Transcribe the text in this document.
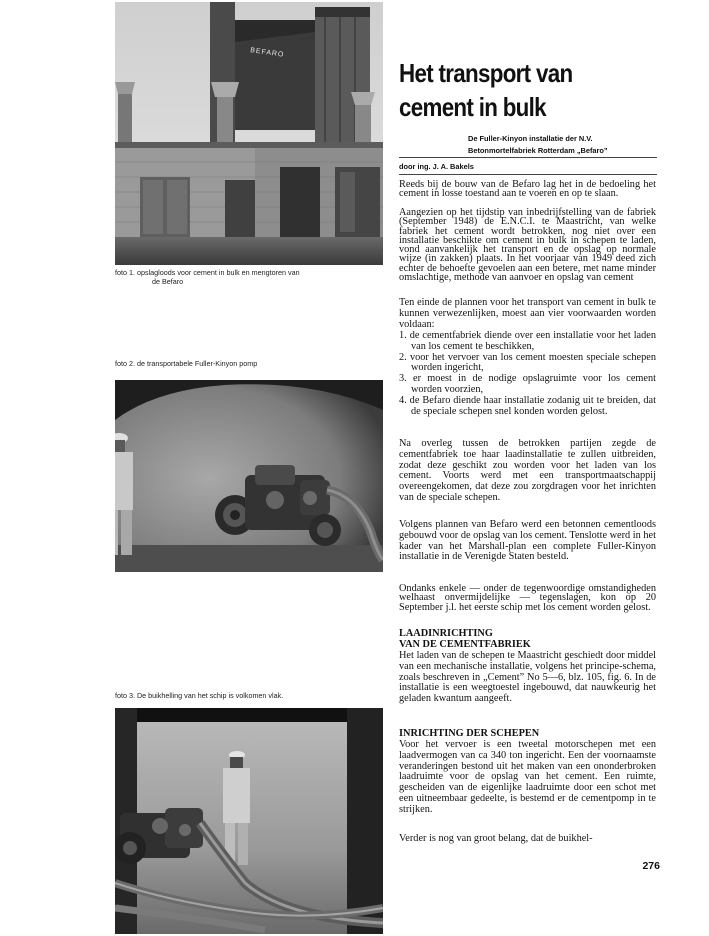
BEFARO
foto 1. opslagloods voor cement in bulk en mengtoren van
de Befaro
foto 2. de transportabele Fuller-Kinyon pomp
foto 3. De buikhelling van het schip is volkomen vlak.
Het transport van
cement in bulk
De Fuller-Kinyon installatie der N.V.
Betonmortelfabriek Rotterdam „Befaro”
door ing. J. A. Bakels

Reeds bij de bouw van de Befaro lag het in de bedoeling het cement in losse toestand aan te voeren en op te slaan.

Aangezien op het tijdstip van inbedrijfstelling van de fabriek (September 1948) de E.N.C.I. te Maastricht, van welke fabriek het cement wordt betrokken, nog niet over een installatie beschikte om cement in bulk in schepen te laden, vond aanvankelijk het transport en de opslag op normale wijze (in zakken) plaats. In het voorjaar van 1949 deed zich echter de behoefte gevoelen aan een betere, met name minder omslachtige, methode van aanvoer en opslag van cement

Ten einde de plannen voor het transport van cement in bulk te kunnen verwezenlijken, moest aan vier voorwaarden worden voldaan:

1. de cementfabriek diende over een installatie voor het laden van los cement te beschikken,
2. voor het vervoer van los cement moesten speciale schepen worden ingericht,
3. er moest in de nodige opslagruimte voor los cement worden voorzien,
4. de Befaro diende haar installatie zodanig uit te breiden, dat de speciale schepen snel konden worden gelost.

Na overleg tussen de betrokken partijen zegde de cementfabriek toe haar laadinstallatie te zullen uitbreiden, zodat deze geschikt zou worden voor het laden van los cement. Voorts werd met een transportmaatschappij overeengekomen, dat deze zou zorgdragen voor het inrichten van de speciale schepen.

Volgens plannen van Befaro werd een betonnen cementloods gebouwd voor de opslag van los cement. Tenslotte werd in het kader van het Marshall-plan een complete Fuller-Kinyon installatie in de Verenigde Staten besteld.

Ondanks enkele — onder de tegenwoordige omstandigheden welhaast onvermijdelijke — tegenslagen, kon op 20 September j.l. het eerste schip met los cement worden gelost.

LAADINRICHTING
VAN DE CEMENTFABRIEK

Het laden van de schepen te Maastricht geschiedt door middel van een mechanische installatie, volgens het principe-schema, zoals beschreven in „Cement” No 5—6, blz. 105, fig. 6. In de installatie is een weegtoestel ingebouwd, dat nauwkeurig het geladen kwantum aangeeft.

INRICHTING DER SCHEPEN

Voor het vervoer is een tweetal motorschepen met een laadvermogen van ca 340 ton ingericht. Een der voornaamste veranderingen bestond uit het maken van een ononderbroken laadruimte voor de opslag van het cement. Een ruimte, gescheiden van de eigenlijke laadruimte door een schot met een uitneembaar gedeelte, is bestemd er de cementpomp in te strijken.

Verder is nog van groot belang, dat de buikhel-

276
